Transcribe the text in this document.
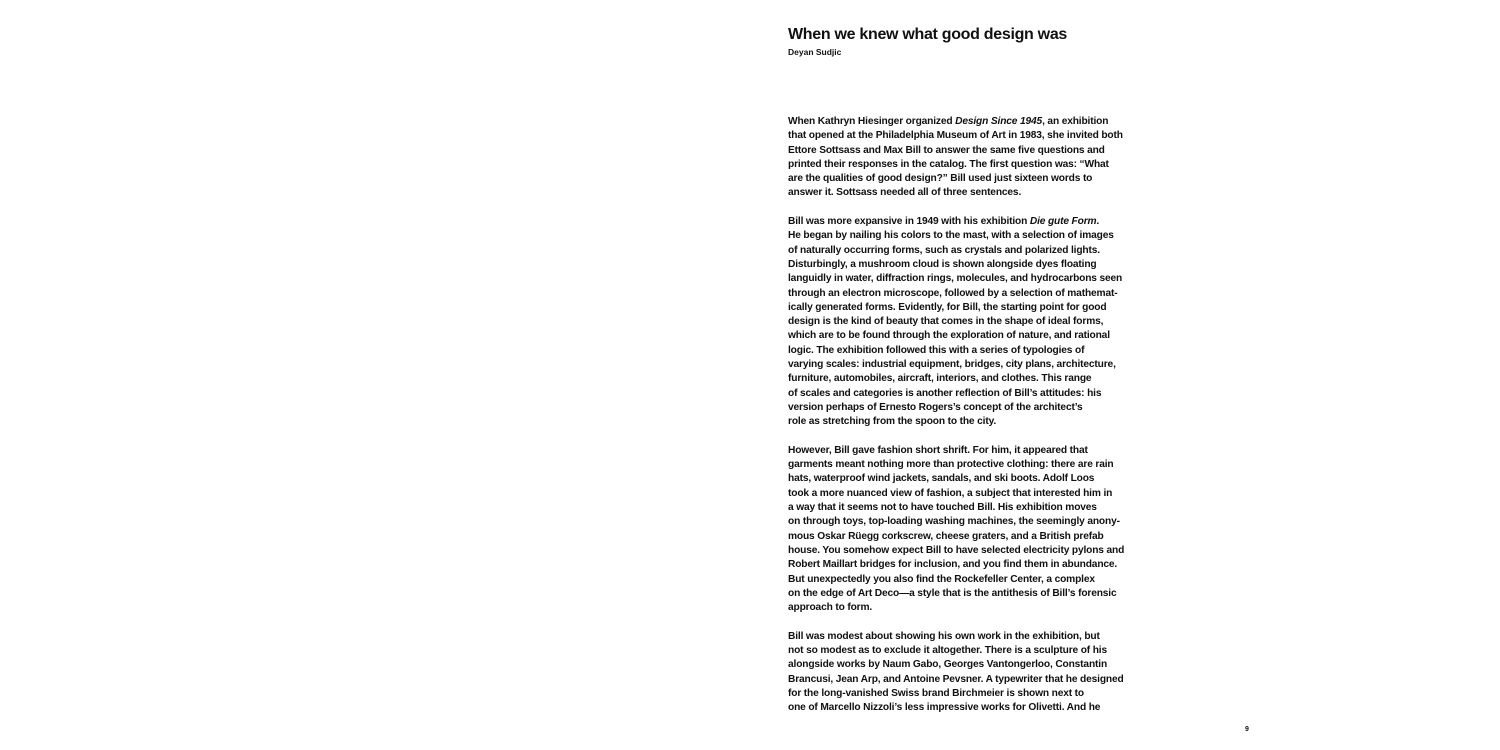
When we knew what good design was

Deyan Sudjic

When Kathryn Hiesinger organized Design Since 1945, an exhibition
that opened at the Philadelphia Museum of Art in 1983, she invited both
Ettore Sottsass and Max Bill to answer the same five questions and
printed their responses in the catalog. The first question was: “What
are the qualities of good design?” Bill used just sixteen words to
answer it. Sottsass needed all of three sentences.
Bill was more expansive in 1949 with his exhibition Die gute Form.
He began by nailing his colors to the mast, with a selection of images
of naturally occurring forms, such as crystals and polarized lights.
Disturbingly, a mushroom cloud is shown alongside dyes floating
languidly in water, diffraction rings, molecules, and hydrocarbons seen
through an electron microscope, followed by a selection of mathemat-
ically generated forms. Evidently, for Bill, the starting point for good
design is the kind of beauty that comes in the shape of ideal forms,
which are to be found through the exploration of nature, and rational
logic. The exhibition followed this with a series of typologies of
varying scales: industrial equipment, bridges, city plans, architecture,
furniture, automobiles, aircraft, interiors, and clothes. This range
of scales and categories is another reflection of Bill’s attitudes: his
version perhaps of Ernesto Rogers’s concept of the architect’s
role as stretching from the spoon to the city.
However, Bill gave fashion short shrift. For him, it appeared that
garments meant nothing more than protective clothing: there are rain
hats, waterproof wind jackets, sandals, and ski boots. Adolf Loos
took a more nuanced view of fashion, a subject that interested him in
a way that it seems not to have touched Bill. His exhibition moves
on through toys, top-loading washing machines, the seemingly anony-
mous Oskar Rüegg corkscrew, cheese graters, and a British prefab
house. You somehow expect Bill to have selected electricity pylons and
Robert Maillart bridges for inclusion, and you find them in abundance.
But unexpectedly you also find the Rockefeller Center, a complex
on the edge of Art Deco—a style that is the antithesis of Bill’s forensic
approach to form.
Bill was modest about showing his own work in the exhibition, but
not so modest as to exclude it altogether. There is a sculpture of his
alongside works by Naum Gabo, Georges Vantongerloo, Constantin
Brancusi, Jean Arp, and Antoine Pevsner. A typewriter that he designed
for the long-vanished Swiss brand Birchmeier is shown next to
one of Marcello Nizzoli’s less impressive works for Olivetti. And he
9
